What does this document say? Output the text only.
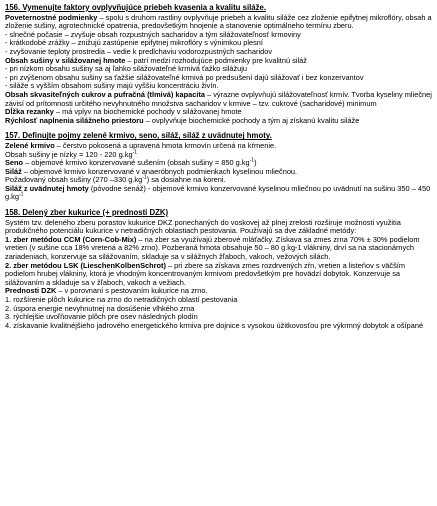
156. Vymenujte faktory ovplyvňujúce priebeh kvasenia a kvalitu siláže.

Poveternostné podmienky – spolu s druhom rastliny ovplyvňuje priebeh a kvalitu siláže cez zloženie epifytnej mikroflóry, obsah a zloženie sušiny, agrotechnické opatrenia, predovšetkým hnojenie a stanovenie optimálneho termínu zberu.

- slnečné počasie – zvyšuje obsah rozpustných sacharidov a tým silážovateľnosť krmoviny

- krátkodobé zrážky – znižujú zastúpenie epifytnej mikroflóry s výnimkou plesní

- zvyšovanie teploty prostredia – vedie k predlchaviu vodorozpustných sacharidov

Obsah sušiny v silážovanej hmote – patrí medzi rozhodujúce podmienky pre kvalitnú siláž

- pri nízkom obsahu sušiny sa aj ľahko silážovateľné krmivá ťažko silážuju

- pri zvýšenom obsahu sušiny sa ťažšie silážovateľné krmivá po predsušení dajú silážovať i bez konzervantov

- siláže s vyšším obsahom sušiny majú vyššiu koncentráciu živín.

Obsah skvasiteľných cukrov a pufračná (tlmivá) kapacita – výrazne ovplyvňujú silážovateľnosť krmív. Tvorba kyseliny mliečnej závisí od prítomnosti určitého nevyhnutného množstva sacharidov v krmive – tzv. cukrové (sacharidové) minimum

Dĺžka rezanky – má vplyv na biochemické pochody v silážovanej hmote

Rýchlosť naplnenia silážneho priestoru – ovplyvňuje biochemické pochody a tým aj získanú kvalitu siláže

157. Definujte pojmy zelené krmivo, seno, siláž, siláž z uvädnutej hmoty.

Zelené krmivo – čerstvo pokosená a upravená hmota krmovín určená na kŕmenie.

Obsah sušiny je nízky = 120 - 220 $g.kg^{-1}$

Seno – objemové krmivo konzervované sušením (obsah sušiny = 850 $g.kg^{-1}$)

Siláž – objemové krmivo konzervované v anaeróbnych podmienkach kyselinou mliečnou.

Požadovaný obsah sušiny (270 –330 $g.kg^{-1}$) sa dosiahne na koreni.

Siláž z uvädnutej hmoty (póvodne senáž) - objemové krmivo konzervované kyselinou mliečnou po uvädnutí na sušinu 350 – 450 $g.kg^{-1}$

158. Delený zber kukurice (+ prednosti DZK)

Systém tzv. deleného zberu porastov kukurice DKZ ponechaných do voskovej až plnej zrelosti rozširuje možnosti využitia produkčného potenciálu kukurice v netradičných oblastiach pestovania. Používajú sa dve základné metódy:

1. zber metódou CCM (Corn-Cob-Mix) – na zber sa využívajú zberové mláťačky. Získava sa zmes zrna 70% ± 30% podielom vretien (v sušine cca 18% vretená a 82% zrno). Pozberaná hmota obsahuje 50 – 80 g.kg-1 vlákniny, drví sa na stacionárnych zariadeniach, konzervuje sa silážovaním, skladuje sa v silážnych žľaboch, vakoch, vežových silách.

2. zber metódou LSK (LieschenKolbenSchrot) – pri zbere sa získava zmes rozdrvených zŕn, vretien a listeňov s väčším podielom hrubej vlákniny, ktorá je vhodným koncentrovaným krmivom predovšetkým pre hovädzí dobytok. Konzervuje sa silážovaním a skladuje sa v žľaboch, vakoch a vežiach.

Prednosti DZK – v porovnaní s pestovaním kukurice na zrno.

1. rozšírenie plôch kukurice na zrno do netradičných oblastí pestovania

2. úspora energie nevyhnutnej na dosúšenie vlhkého zrna

3. rýchlejšie uvoľňovanie plôch pre osev následných plodín

4. získavanie kvalitnéjšieho jadrového energetického krmiva pre dojnice s vysokou úžitkovosťou pre výkrmný dobytok a ošípané
